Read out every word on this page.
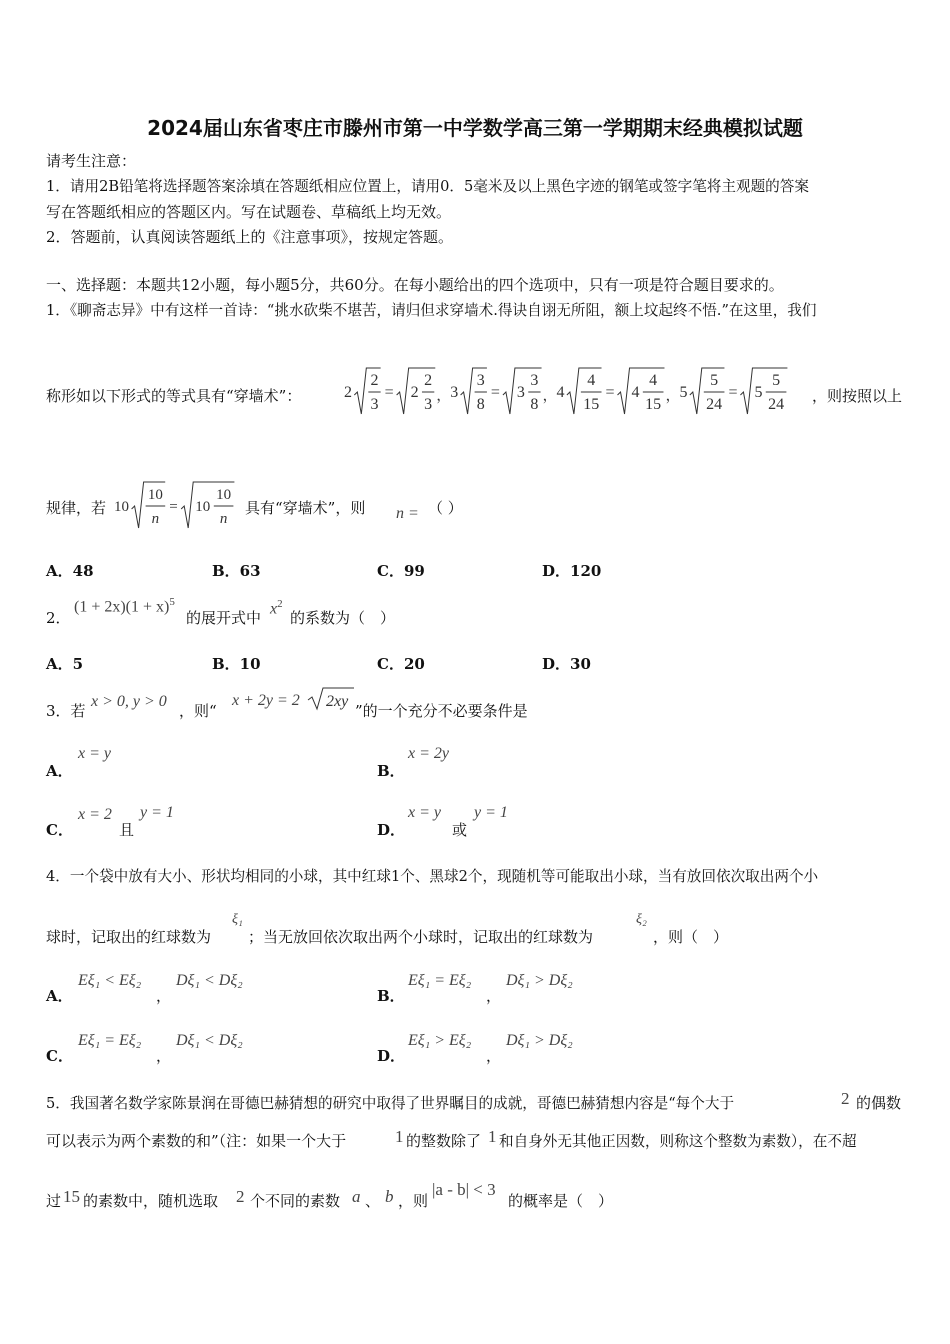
2024届山东省枣庄市滕州市第一中学数学高三第一学期期末经典模拟试题
请考生注意：
1．请用2B铅笔将选择题答案涂填在答题纸相应位置上，请用0．5毫米及以上黑色字迹的钢笔或签字笔将主观题的答案
写在答题纸相应的答题区内。写在试题卷、草稿纸上均无效。
2．答题前，认真阅读答题纸上的《注意事项》，按规定答题。
一、选择题：本题共12小题，每小题5分，共60分。在每小题给出的四个选项中，只有一项是符合题目要求的。
1．《聊斋志异》中有这样一首诗：“挑水砍柴不堪苦，请归但求穿墙术.得诀自诩无所阻，额上坟起终不悟.”在这里，我们
称形如以下形式的等式具有“穿墙术”：	2
2
3
= 2
2
3 ，
3
3
8
= 3
3
8 ，
4
4
15
= 4
4
15 ，
5
5
24
= 5
5
24 ，则按照以上
规律，若 10
10
n
= 10
10
n
具有“穿墙术”，则 n = （ ）
A．48	B．63	C．99	D．120
2．
$(1 + 2x)(1 + x)^5$
的展开式中
$x^2$
的系数为（　）
A．5	B．10	C．20	D．30
3．若
x > 0, y > 0
，则“
x + 2y = 2 2xy
”的一个充分不必要条件是
A．
x = y
B．
x = 2y
C．
x = 2
且
y = 1
D．
x = y
或
y = 1
4．一个袋中放有大小、形状均相同的小球，其中红球1个、黑球2个，现随机等可能取出小球，当有放回依次取出两个小
球时，记取出的红球数为
ξ₁
；当无放回依次取出两个小球时，记取出的红球数为
ξ₂
，则（　）
A．
Eξ₁ < Eξ₂
，
Dξ₁ < Dξ₂
B．
Eξ₁ = Eξ₂
，
Dξ₁ > Dξ₂
C．
Eξ₁ = Eξ₂
，
Dξ₁ < Dξ₂
D．
Eξ₁ > Eξ₂
，
Dξ₁ > Dξ₂
5．我国著名数学家陈景润在哥德巴赫猜想的研究中取得了世界瞩目的成就，哥德巴赫猜想内容是“每个大于	2 的偶数
可以表示为两个素数的和”（注：如果一个大于	1 的整数除了 1 和自身外无其他正因数，则称这个整数为素数），在不超
过 15 的素数中，随机选取 2 个不同的素数 a 、 b ，则
|a - b| < 3
的概率是（　）
